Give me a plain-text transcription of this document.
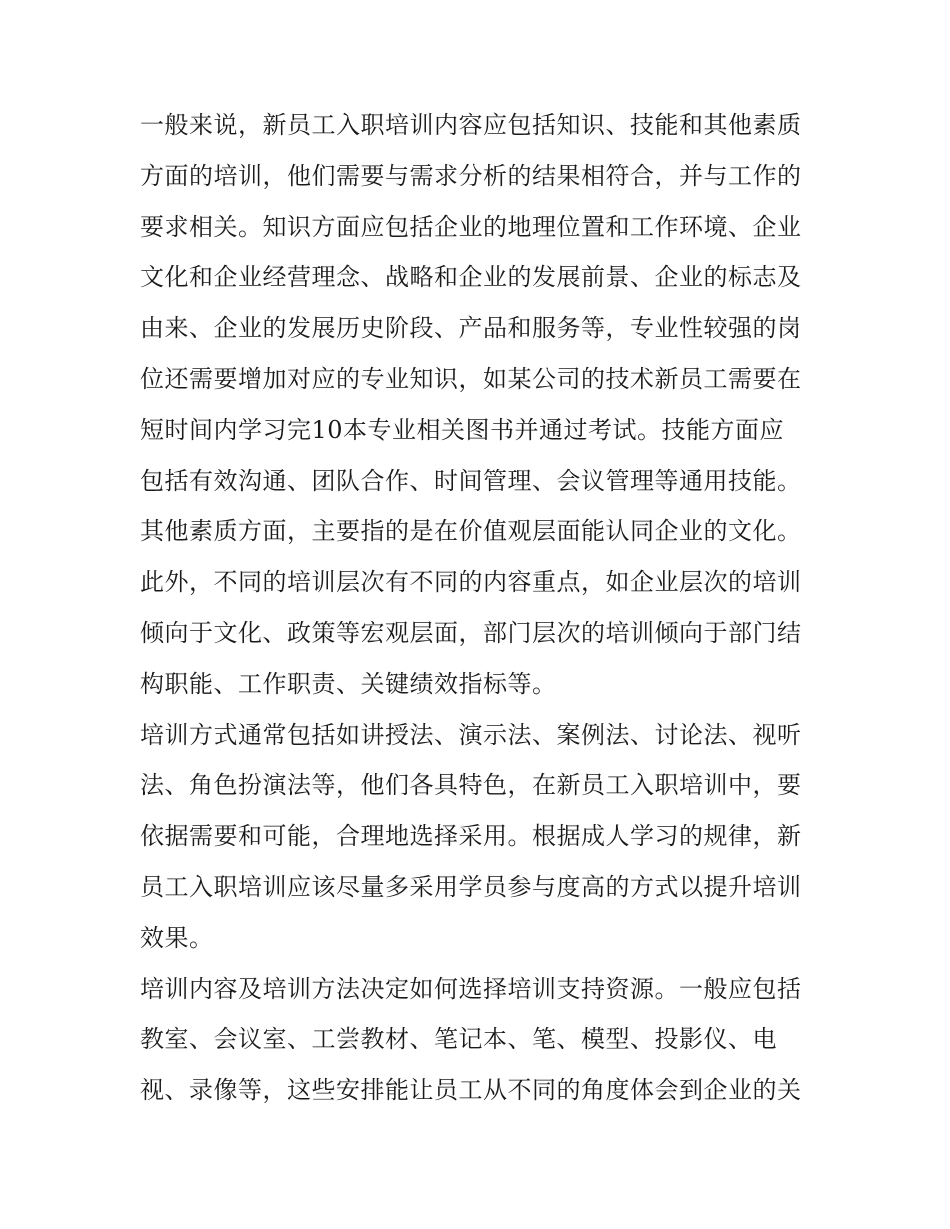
一般来说，新员工入职培训内容应包括知识、技能和其他素质
方面的培训，他们需要与需求分析的结果相符合，并与工作的
要求相关。知识方面应包括企业的地理位置和工作环境、企业
文化和企业经营理念、战略和企业的发展前景、企业的标志及
由来、企业的发展历史阶段、产品和服务等，专业性较强的岗
位还需要增加对应的专业知识，如某公司的技术新员工需要在
短时间内学习完10本专业相关图书并通过考试。技能方面应
包括有效沟通、团队合作、时间管理、会议管理等通用技能。
其他素质方面，主要指的是在价值观层面能认同企业的文化。
此外，不同的培训层次有不同的内容重点，如企业层次的培训
倾向于文化、政策等宏观层面，部门层次的培训倾向于部门结
构职能、工作职责、关键绩效指标等。
培训方式通常包括如讲授法、演示法、案例法、讨论法、视听
法、角色扮演法等，他们各具特色，在新员工入职培训中，要
依据需要和可能，合理地选择采用。根据成人学习的规律，新
员工入职培训应该尽量多采用学员参与度高的方式以提升培训
效果。
培训内容及培训方法决定如何选择培训支持资源。一般应包括
教室、会议室、工尝教材、笔记本、笔、模型、投影仪、电
视、录像等，这些安排能让员工从不同的角度体会到企业的关
